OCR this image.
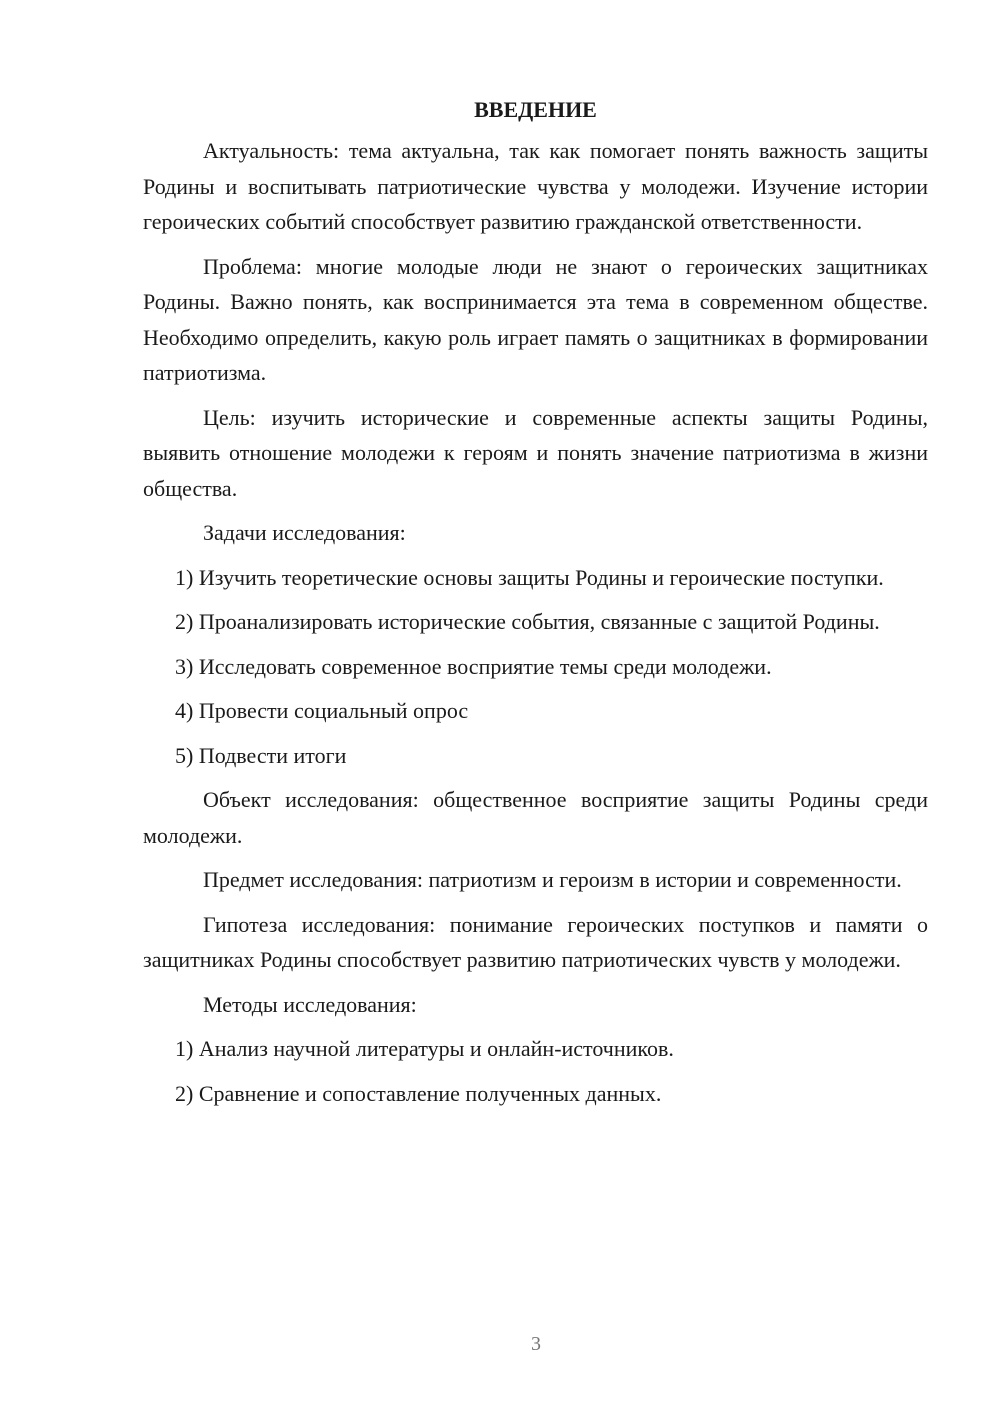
ВВЕДЕНИЕ

Актуальность: тема актуальна, так как помогает понять важность защиты Родины и воспитывать патриотические чувства у молодежи. Изучение истории героических событий способствует развитию гражданской ответственности.

Проблема: многие молодые люди не знают о героических защитниках Родины. Важно понять, как воспринимается эта тема в современном обществе. Необходимо определить, какую роль играет память о защитниках в формировании патриотизма.

Цель: изучить исторические и современные аспекты защиты Родины, выявить отношение молодежи к героям и понять значение патриотизма в жизни общества.

Задачи исследования:

1) Изучить теоретические основы защиты Родины и героические поступки.

2) Проанализировать исторические события, связанные с защитой Родины.

3) Исследовать современное восприятие темы среди молодежи.

4) Провести социальный опрос

5) Подвести итоги

Объект исследования: общественное восприятие защиты Родины среди молодежи.

Предмет исследования: патриотизм и героизм в истории и современности.

Гипотеза исследования: понимание героических поступков и памяти о защитниках Родины способствует развитию патриотических чувств у молодежи.

Методы исследования:

1) Анализ научной литературы и онлайн-источников.

2) Сравнение и сопоставление полученных данных.

3
